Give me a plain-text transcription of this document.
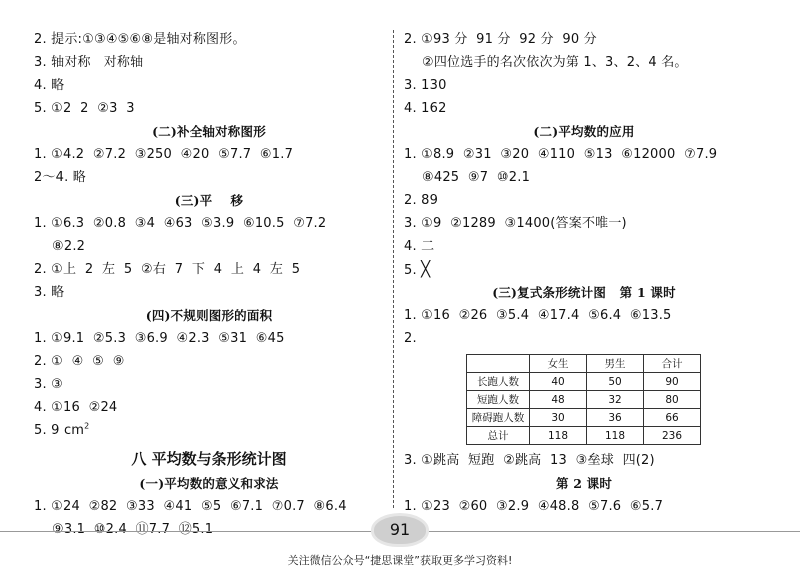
2. 提示:①③④⑤⑥⑧是轴对称图形。
3. 轴对称   对称轴
4. 略
5. ①2  2  ②3  3
(二)补全轴对称图形
1. ①4.2  ②7.2  ③250  ④20  ⑤7.7  ⑥1.7
2～4. 略
(三)平    移
1. ①6.3  ②0.8  ③4  ④63  ⑤3.9  ⑥10.5  ⑦7.2
⑧2.2
2. ①上  2  左  5  ②右  7  下  4  上  4  左  5
3. 略
(四)不规则图形的面积
1. ①9.1  ②5.3  ③6.9  ④2.3  ⑤31  ⑥45
2. ①  ④  ⑤  ⑨
3. ③
4. ①16  ②24
5. 9 $cm^2$
八 平均数与条形统计图
(一)平均数的意义和求法
1. ①24  ②82  ③33  ④41  ⑤5  ⑥7.1  ⑦0.7  ⑧6.4
⑨3.1  ⑩2.4  ⑪7.7  ⑫5.1
2. ①93 分  91 分  92 分  90 分
②四位选手的名次依次为第 1、3、2、4 名。
3. 130
4. 162
(二)平均数的应用
1. ①8.9  ②31  ③20  ④110  ⑤13  ⑥12000  ⑦7.9
⑧425  ⑨7  ⑩2.1
2. 89
3. ①9  ②1289  ③1400(答案不唯一)
4. 二
5. ╳
(三)复式条形统计图   第 1 课时
1. ①16  ②26  ③5.4  ④17.4  ⑤6.4  ⑥13.5
2.
	女生	男生	合计
长跑人数	40	50	90
短跑人数	48	32	80
障碍跑人数	30	36	66
总计	118	118	236
3. ①跳高  短跑  ②跳高  13  ③垒球  四(2)
第 2 课时
1. ①23  ②60  ③2.9  ④48.8  ⑤7.6  ⑥5.7
91
关注微信公众号“捷思课堂”获取更多学习资料!
